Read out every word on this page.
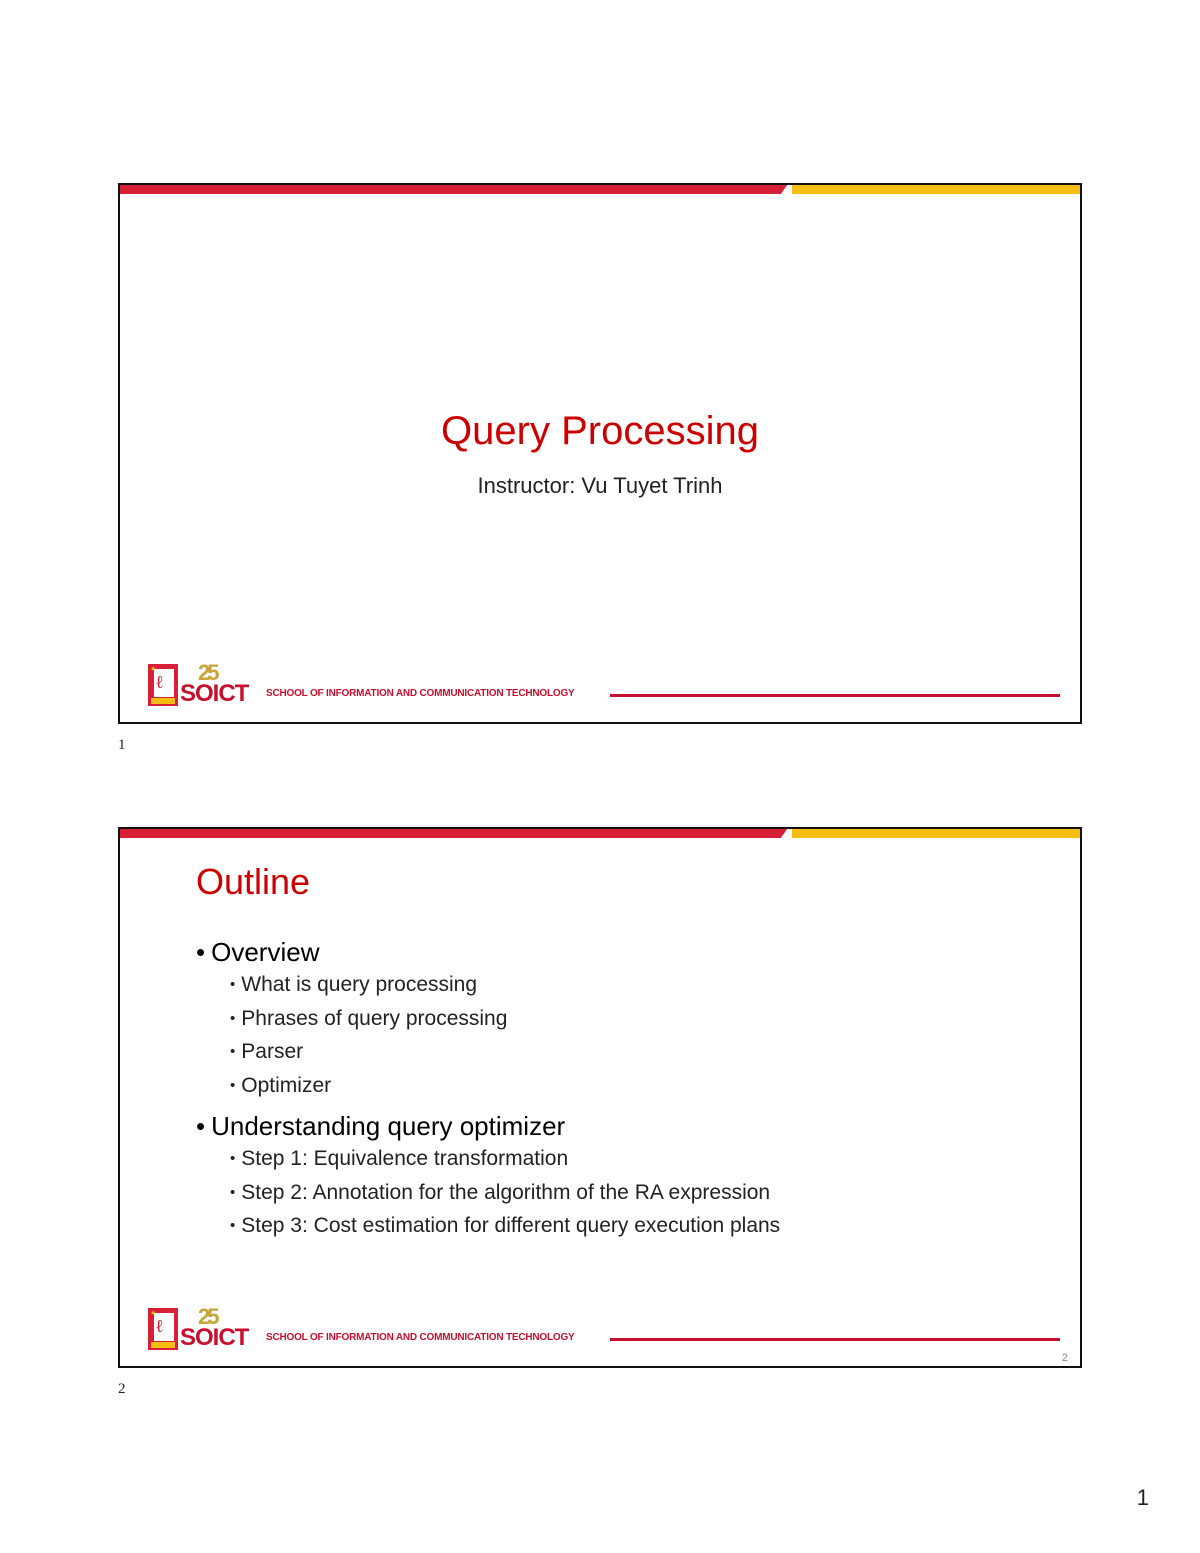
Query Processing
Instructor: Vu Tuyet Trinh
★
ℓ 25
SOICT SCHOOL OF INFORMATION AND COMMUNICATION TECHNOLOGY
1
Outline
• Overview
• What is query processing
• Phrases of query processing
• Parser
• Optimizer
• Understanding query optimizer
• Step 1: Equivalence transformation
• Step 2: Annotation for the algorithm of the RA expression
• Step 3: Cost estimation for different query execution plans
★
ℓ 25
SOICT SCHOOL OF INFORMATION AND COMMUNICATION TECHNOLOGY
2
2
1
